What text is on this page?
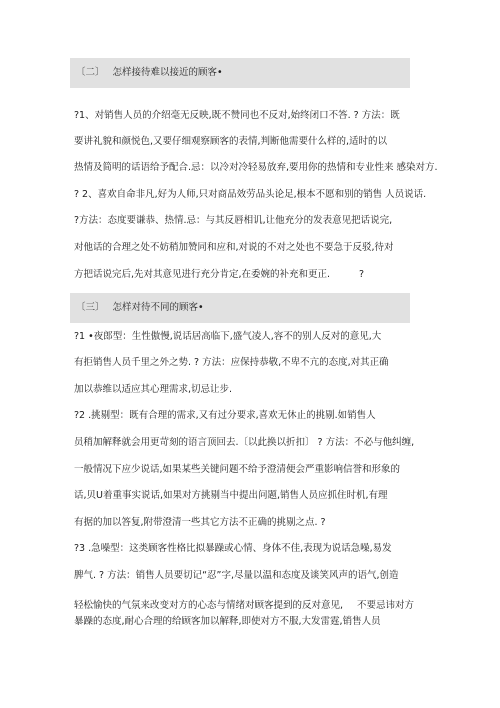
〔二〕 怎样接待难以接近的顾客•
?1、对销售人员的介绍毫无反映,既不赞同也不反对,始终闭口不答. ? 方法：既
要讲礼貌和颜悦色,又要仔细观察顾客的表情,判断他需要什么样的,适时的以
热情及简明的话语给予配合.忌：以冷对冷轻易放弃,要用你的热情和专业性来 感染对方.
? 2、喜欢自命非凡,好为人师,只对商品效劳品头论足,根本不愿和别的销售 人员说话.
?方法：态度要谦恭、热情.忌：与其反唇相讥,让他充分的发表意见把话说完,
对他话的合理之处不妨稍加赞同和应和,对说的不对之处也不要急于反驳,待对
方把话说完后,先对其意见进行充分肯定,在委婉的补充和更正.	?
〔三〕 怎样对待不同的顾客•
?1 •夜郎型：生性傲慢,说话居高临下,盛气凌人,容不的别人反对的意见,大
有拒销售人员千里之外之势. ? 方法：应保持恭敬,不卑不亢的态度,对其正确
加以恭维以适应其心理需求,切忌让步.
?2 .挑剔型：既有合理的需求,又有过分要求,喜欢无休止的挑剔.如销售人
员稍加解释就会用更苛刻的语言顶回去.〔以此换以折扣〕 ? 方法：不必与他纠缠,
一般情况下应少说话,如果某些关键问题不给予澄清便会严重影响信誉和形象的
话,贝U着重事实说话,如果对方挑剔当中提出问题,销售人员应抓住时机,有理
有据的加以答复,附带澄清一些其它方法不正确的挑剔之点. ?
?3 .急噪型：这类顾客性格比拟暴躁或心情、身体不佳,表现为说话急噪,易发
脾气. ? 方法：销售人员要切记“忍”字,尽量以温和态度及谈笑风声的语气,创造
轻松愉快的气氛来改变对方的心态与情绪对顾客提到的反对意见, 不要忌讳对方
暴躁的态度,耐心合理的给顾客加以解释,即使对方不服,大发雷霆,销售人员
